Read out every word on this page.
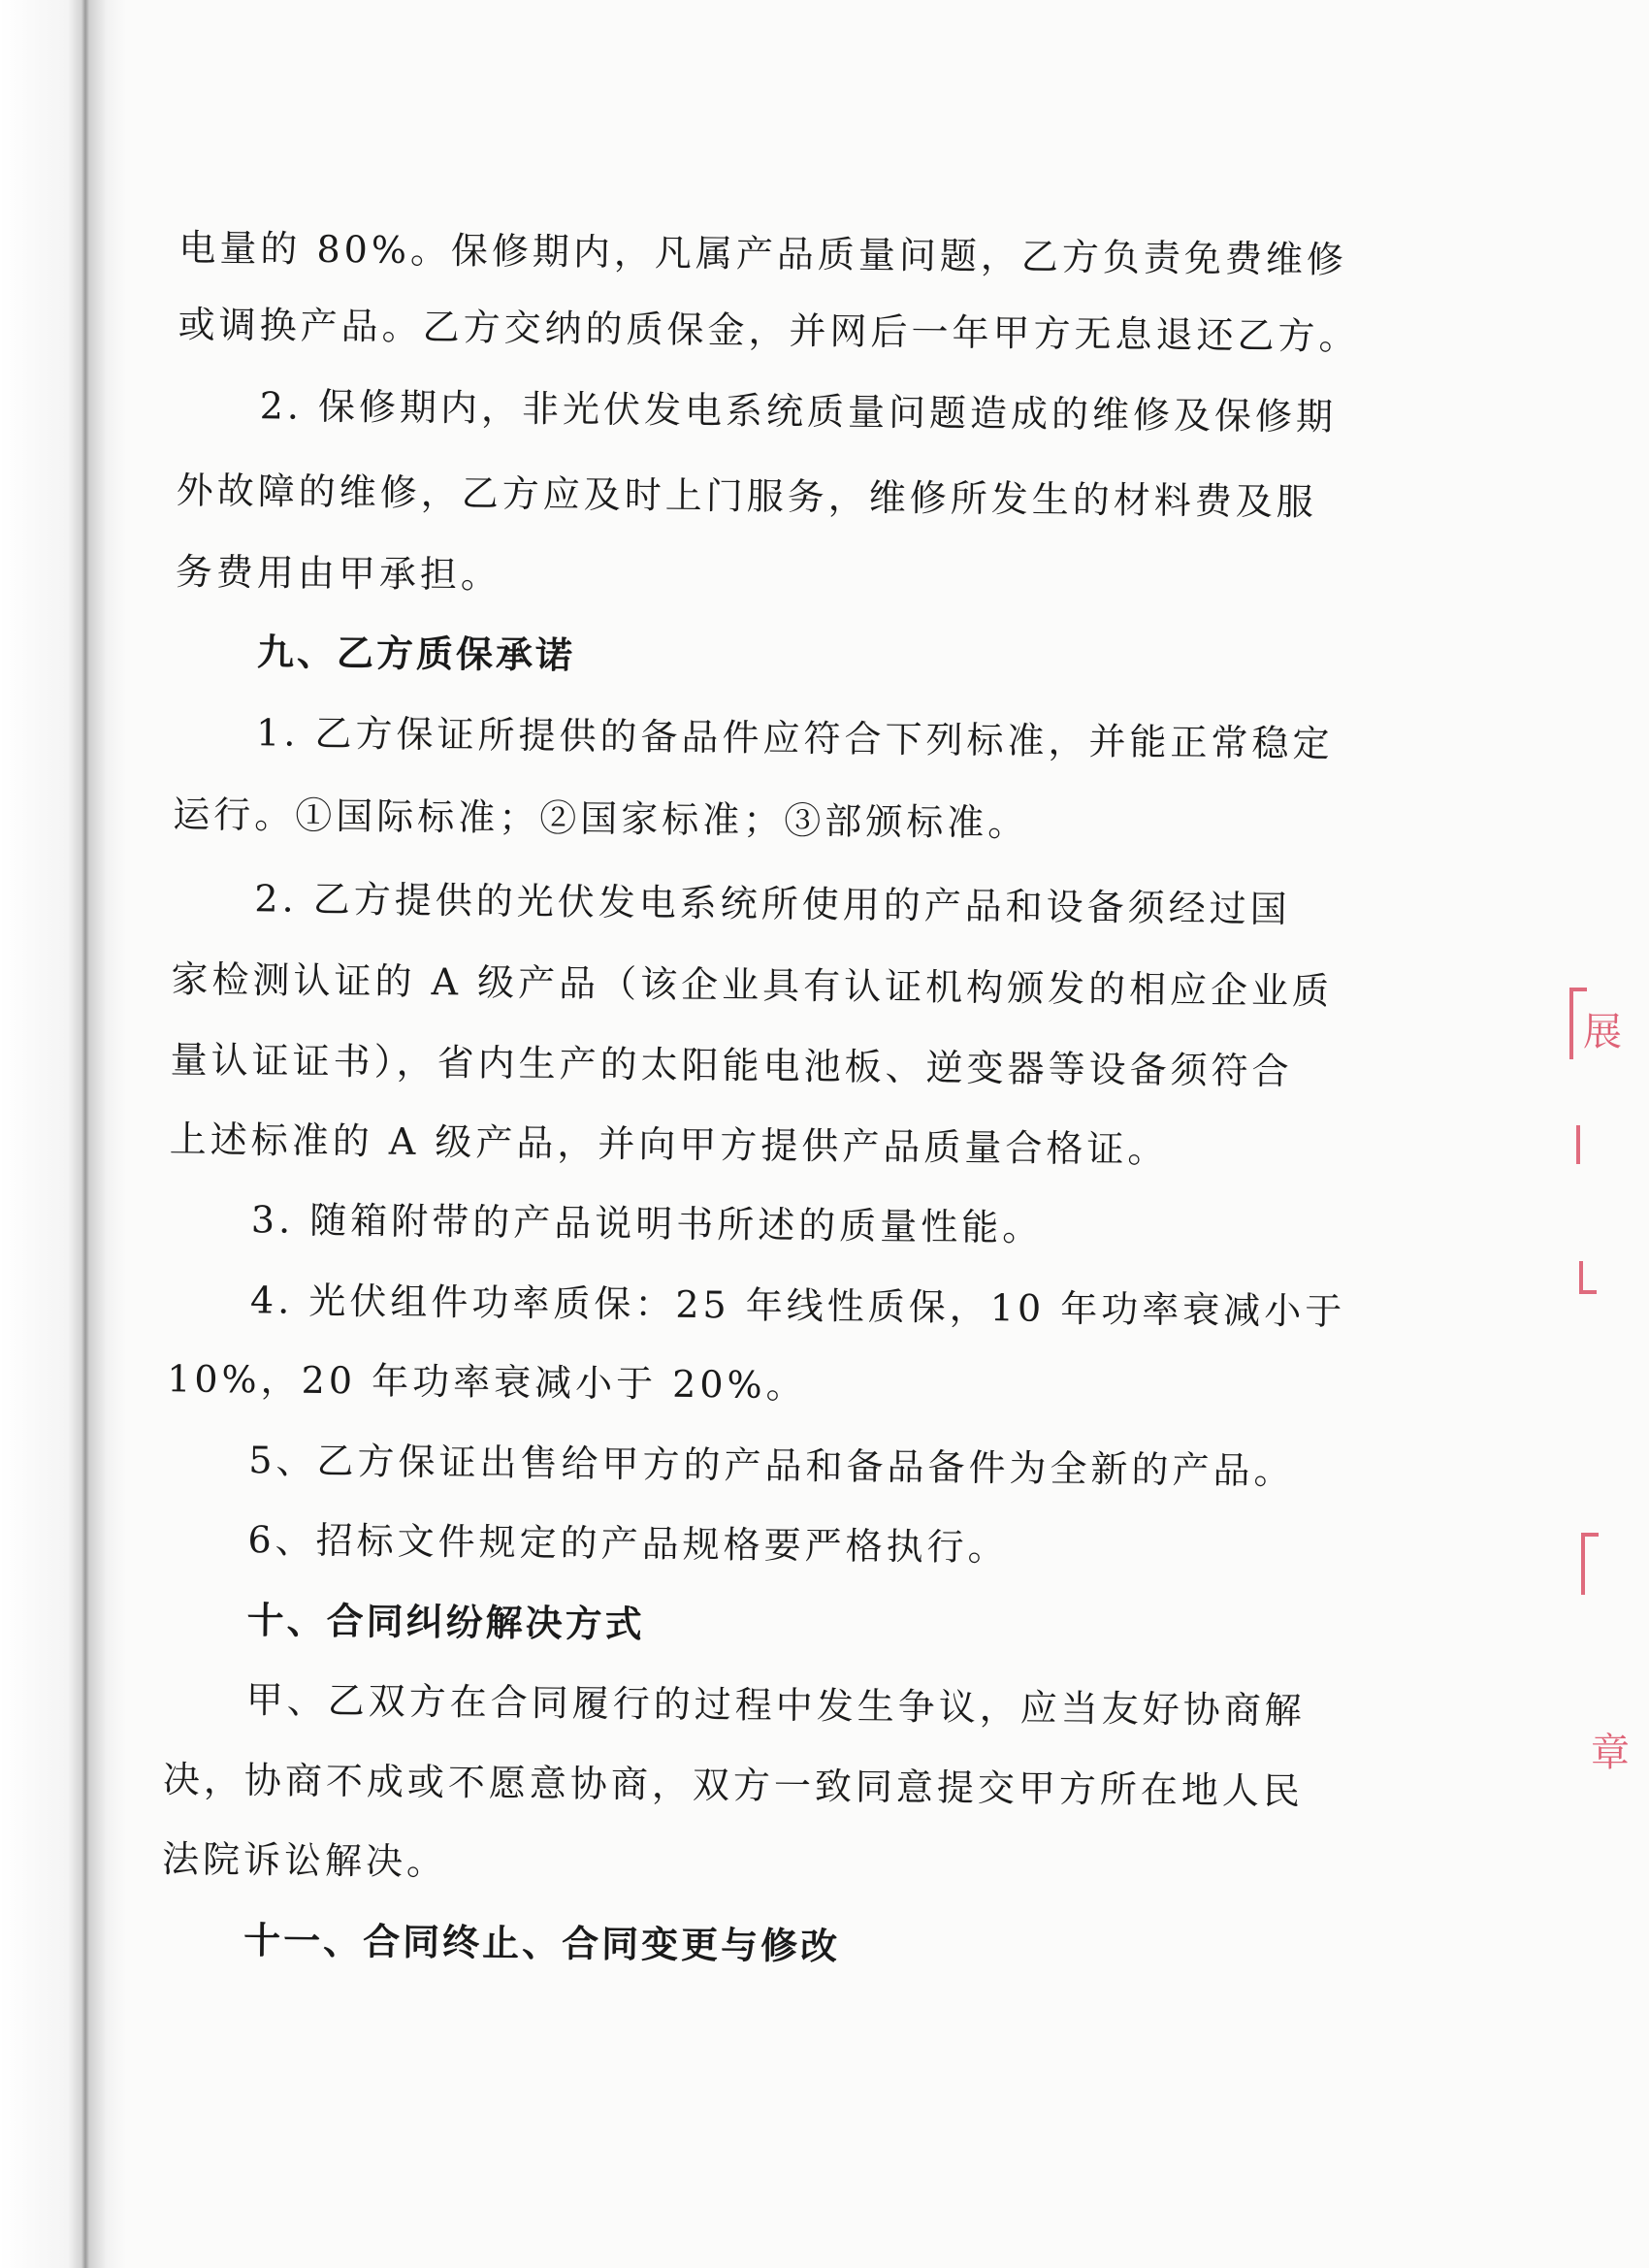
电量的 80%。保修期内，凡属产品质量问题，乙方负责免费维修
或调换产品。乙方交纳的质保金，并网后一年甲方无息退还乙方。
2. 保修期内，非光伏发电系统质量问题造成的维修及保修期
外故障的维修，乙方应及时上门服务，维修所发生的材料费及服
务费用由甲承担。
九、乙方质保承诺
1. 乙方保证所提供的备品件应符合下列标准，并能正常稳定
运行。①国际标准；②国家标准；③部颁标准。
2. 乙方提供的光伏发电系统所使用的产品和设备须经过国
家检测认证的 A 级产品（该企业具有认证机构颁发的相应企业质
量认证证书），省内生产的太阳能电池板、逆变器等设备须符合
上述标准的 A 级产品，并向甲方提供产品质量合格证。
3. 随箱附带的产品说明书所述的质量性能。
4. 光伏组件功率质保：25 年线性质保，10 年功率衰减小于
10%，20 年功率衰减小于 20%。
5、乙方保证出售给甲方的产品和备品备件为全新的产品。
6、招标文件规定的产品规格要严格执行。
十、合同纠纷解决方式
甲、乙双方在合同履行的过程中发生争议，应当友好协商解
决，协商不成或不愿意协商，双方一致同意提交甲方所在地人民
法院诉讼解决。
十一、合同终止、合同变更与修改
展
章
